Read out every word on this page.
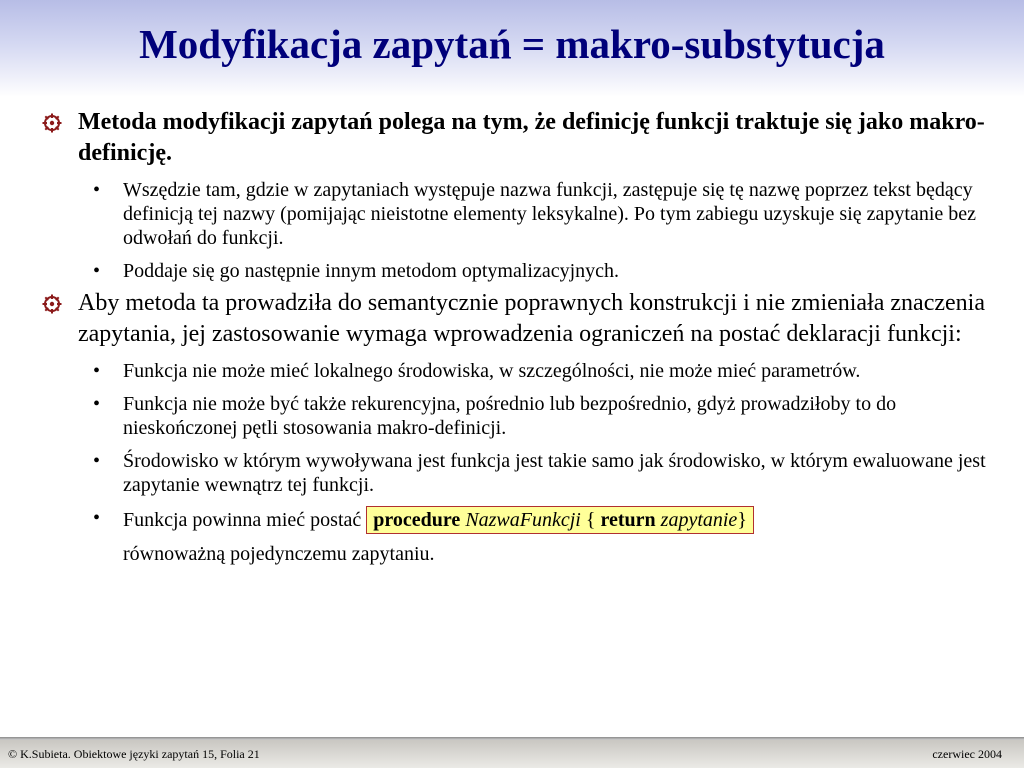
Modyfikacja zapytań = makro-substytucja
Metoda modyfikacji zapytań polega na tym, że definicję funkcji traktuje się jako makro-definicję.
• Wszędzie tam, gdzie w zapytaniach występuje nazwa funkcji, zastępuje się tę nazwę poprzez tekst będący definicją tej nazwy (pomijając nieistotne elementy leksykalne). Po tym zabiegu uzyskuje się zapytanie bez odwołań do funkcji.
• Poddaje się go następnie innym metodom optymalizacyjnych.
Aby metoda ta prowadziła do semantycznie poprawnych konstrukcji i nie zmieniała znaczenia zapytania, jej zastosowanie wymaga wprowadzenia ograniczeń na postać deklaracji funkcji:
• Funkcja nie może mieć lokalnego środowiska, w szczególności, nie może mieć parametrów.
• Funkcja nie może być także rekurencyjna, pośrednio lub bezpośrednio, gdyż prowadziłoby to do nieskończonej pętli stosowania makro-definicji.
• Środowisko w którym wywoływana jest funkcja jest takie samo jak środowisko, w którym ewaluowane jest zapytanie wewnątrz tej funkcji.
• Funkcja powinna mieć postać procedure NazwaFunkcji { return zapytanie}
równoważną pojedynczemu zapytaniu.
© K.Subieta. Obiektowe języki zapytań 15, Folia 21	czerwiec 2004
